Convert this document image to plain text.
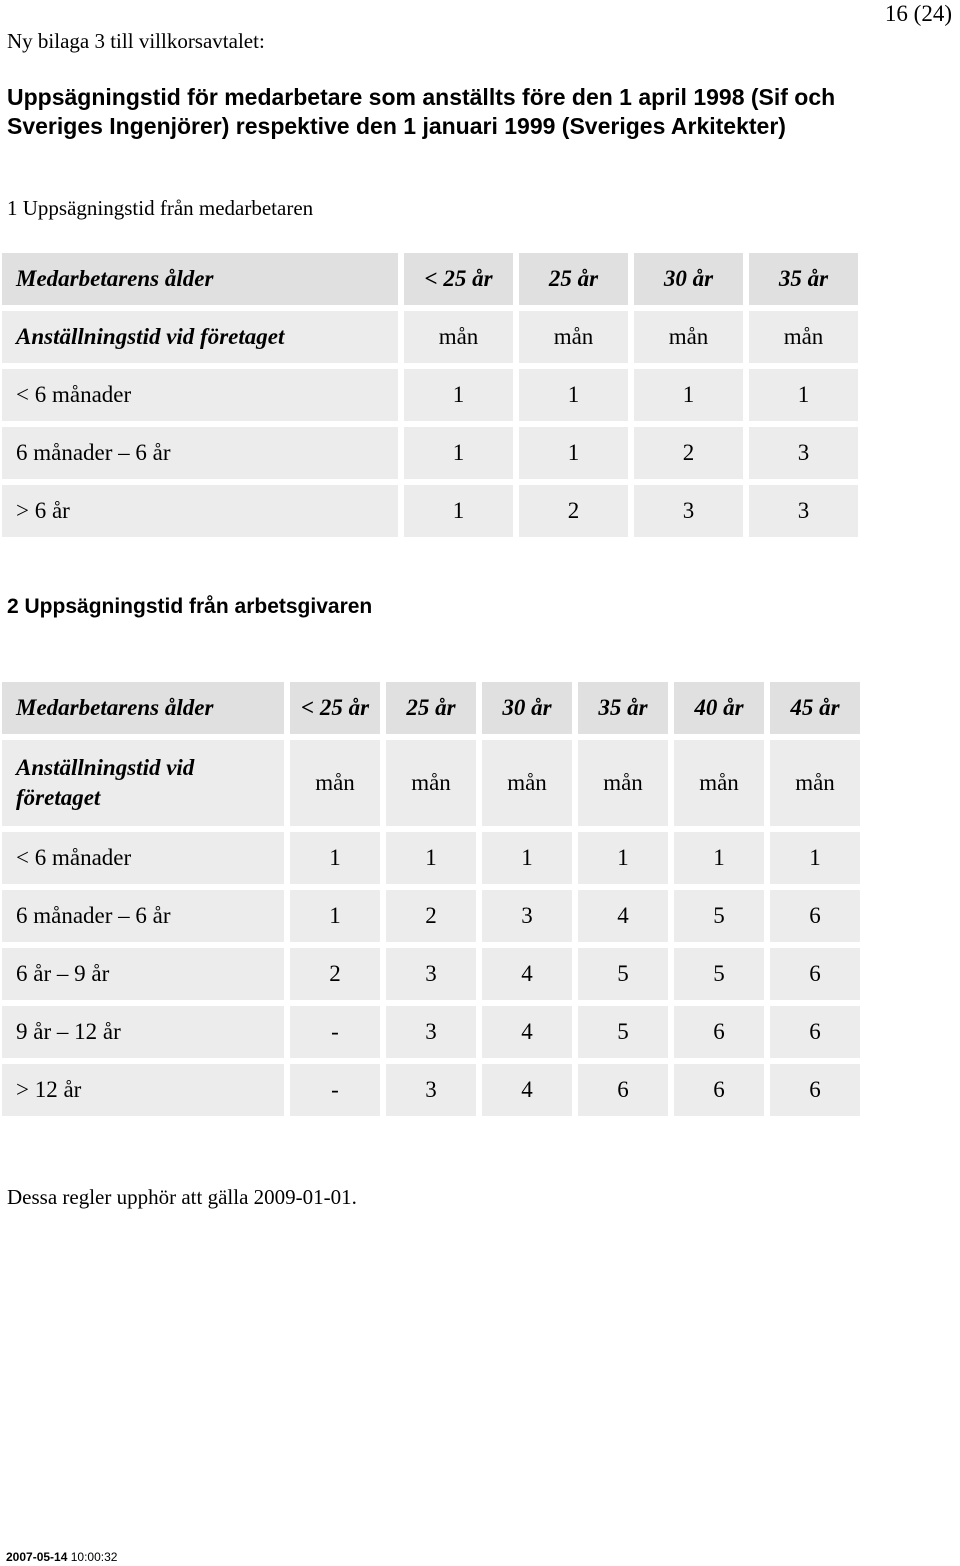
Ny bilaga 3 till villkorsavtalet:
16 (24)
Uppsägningstid för medarbetare som anställts före den 1 april 1998 (Sif och Sveriges Ingenjörer) respektive den 1 januari 1999 (Sveriges Arkitekter)
1 Uppsägningstid från medarbetaren
Medarbetarens ålder	< 25 år	25 år	30 år	35 år
Anställningstid vid företaget	mån	mån	mån	mån
< 6 månader	1	1	1	1
6 månader – 6 år	1	1	2	3
> 6 år	1	2	3	3
2 Uppsägningstid från arbetsgivaren
Medarbetarens ålder	< 25 år	25 år	30 år	35 år	40 år	45 år
Anställningstid vid företaget	mån	mån	mån	mån	mån	mån
< 6 månader	1	1	1	1	1	1
6 månader – 6 år	1	2	3	4	5	6
6 år – 9 år	2	3	4	5	5	6
9 år – 12 år	-	3	4	5	6	6
> 12 år	-	3	4	6	6	6
Dessa regler upphör att gälla 2009-01-01.
2007-05-14 10:00:32
